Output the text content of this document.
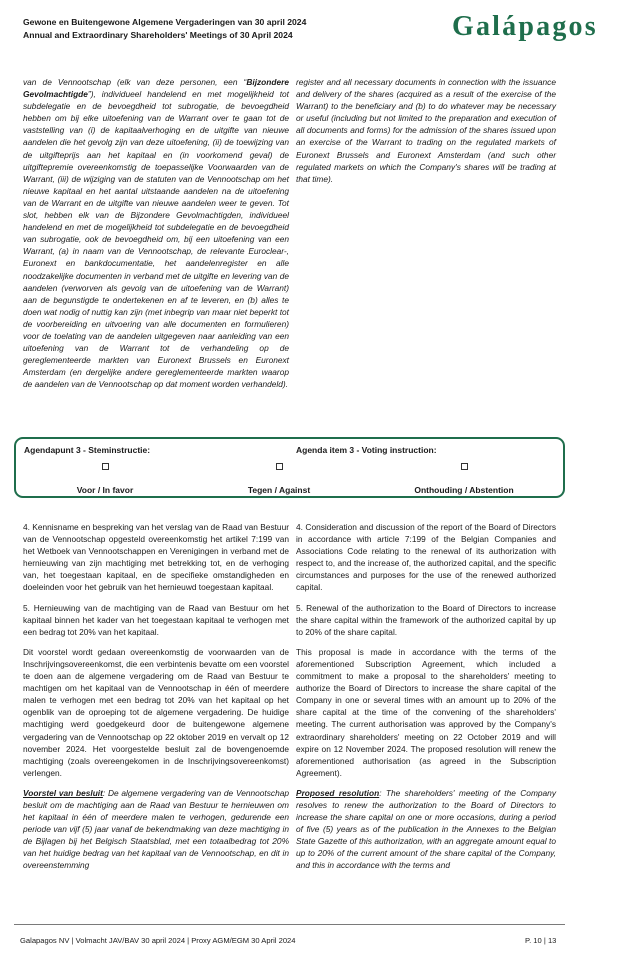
Gewone en Buitengewone Algemene Vergaderingen van 30 april 2024
Annual and Extraordinary Shareholders' Meetings of 30 April 2024	Galápagos
van de Vennootschap (elk van deze personen, een “Bijzondere Gevolmachtigde”), individueel handelend en met mogelijkheid tot subdelegatie en de bevoegdheid tot subrogatie, de bevoegdheid hebben om bij elke uitoefening van de Warrant over te gaan tot de vaststelling van (i) de kapitaalverhoging en de uitgifte van nieuwe aandelen die het gevolg zijn van deze uitoefening, (ii) de toewijzing van de uitgifteprijs aan het kapitaal en (in voorkomend geval) de uitgiftepremie overeenkomstig de toepasselijke Voorwaarden van de Warrant, (iii) de wijziging van de statuten van de Vennootschap om het nieuwe kapitaal en het aantal uitstaande aandelen na de uitoefening van de Warrant en de uitgifte van nieuwe aandelen weer te geven. Tot slot, hebben elk van de Bijzondere Gevolmachtigden, individueel handelend en met de mogelijkheid tot subdelegatie en de bevoegdheid van subrogatie, ook de bevoegdheid om, bij een uitoefening van een Warrant, (a) in naam van de Vennootschap, de relevante Euroclear-, Euronext en bankdocumentatie, het aandelenregister en alle noodzakelijke documenten in verband met de uitgifte en levering van de aandelen (verworven als gevolg van de uitoefening van de Warrant) aan de begunstigde te ondertekenen en af te leveren, en (b) alles te doen wat nodig of nuttig kan zijn (met inbegrip van maar niet beperkt tot de voorbereiding en uitvoering van alle documenten en formulieren) voor de toelating van de aandelen uitgegeven naar aanleiding van een uitoefening van de Warrant tot de verhandeling op de gereglementeerde markten van Euronext Brussels en Euronext Amsterdam (en dergelijke andere gereglementeerde markten waarop de aandelen van de Vennootschap op dat moment worden verhandeld).
register and all necessary documents in connection with the issuance and delivery of the shares (acquired as a result of the exercise of the Warrant) to the beneficiary and (b) to do whatever may be necessary or useful (including but not limited to the preparation and execution of all documents and forms) for the admission of the shares issued upon an exercise of the Warrant to trading on the regulated markets of Euronext Brussels and Euronext Amsterdam (and such other regulated markets on which the Company's shares will be trading at that time).
Agendapunt 3 - Steminstructie:	Agenda item 3 - Voting instruction:
Voor / In favor	Tegen / Against	Onthouding / Abstention
4. Kennisname en bespreking van het verslag van de Raad van Bestuur van de Vennootschap opgesteld overeenkomstig het artikel 7:199 van het Wetboek van Vennootschappen en Verenigingen in verband met de hernieuwing van zijn machtiging met betrekking tot, en de verhoging van, het toegestaan kapitaal, en de specifieke omstandigheden en doeleinden voor het gebruik van het hernieuwd toegestaan kapitaal.
5. Hernieuwing van de machtiging van de Raad van Bestuur om het kapitaal binnen het kader van het toegestaan kapitaal te verhogen met een bedrag tot 20% van het kapitaal.
Dit voorstel wordt gedaan overeenkomstig de voorwaarden van de Inschrijvingsovereenkomst, die een verbintenis bevatte om een voorstel te doen aan de algemene vergadering om de Raad van Bestuur te machtigen om het kapitaal van de Vennootschap in één of meerdere malen te verhogen met een bedrag tot 20% van het kapitaal op het ogenblik van de oproeping tot de algemene vergadering. De huidige machtiging werd goedgekeurd door de buitengewone algemene vergadering van de Vennootschap op 22 oktober 2019 en vervalt op 12 november 2024. Het voorgestelde besluit zal de bovengenoemde machtiging (zoals overeengekomen in de Inschrijvingsovereenkomst) verlengen.
Voorstel van besluit: De algemene vergadering van de Vennootschap besluit om de machtiging aan de Raad van Bestuur te hernieuwen om het kapitaal in één of meerdere malen te verhogen, gedurende een periode van vijf (5) jaar vanaf de bekendmaking van deze machtiging in de Bijlagen bij het Belgisch Staatsblad, met een totaalbedrag tot 20% van het huidige bedrag van het kapitaal van de Vennootschap, en dit in overeenstemming
4. Consideration and discussion of the report of the Board of Directors in accordance with article 7:199 of the Belgian Companies and Associations Code relating to the renewal of its authorization with respect to, and the increase of, the authorized capital, and the specific circumstances and purposes for the use of the renewed authorized capital.
5. Renewal of the authorization to the Board of Directors to increase the share capital within the framework of the authorized capital by up to 20% of the share capital.
This proposal is made in accordance with the terms of the aforementioned Subscription Agreement, which included a commitment to make a proposal to the shareholders' meeting to authorize the Board of Directors to increase the share capital of the Company in one or several times with an amount up to 20% of the share capital at the time of the convening of the shareholders' meeting. The current authorisation was approved by the Company's extraordinary shareholders' meeting on 22 October 2019 and will expire on 12 November 2024. The proposed resolution will renew the aforementioned authorisation (as agreed in the Subscription Agreement).
Proposed resolution: The shareholders' meeting of the Company resolves to renew the authorization to the Board of Directors to increase the share capital on one or more occasions, during a period of five (5) years as of the publication in the Annexes to the Belgian State Gazette of this authorization, with an aggregate amount equal to up to 20% of the current amount of the share capital of the Company, and this in accordance with the terms and
Galapagos NV | Volmacht JAV/BAV 30 april 2024 | Proxy AGM/EGM 30 April 2024	P. 10 | 13
